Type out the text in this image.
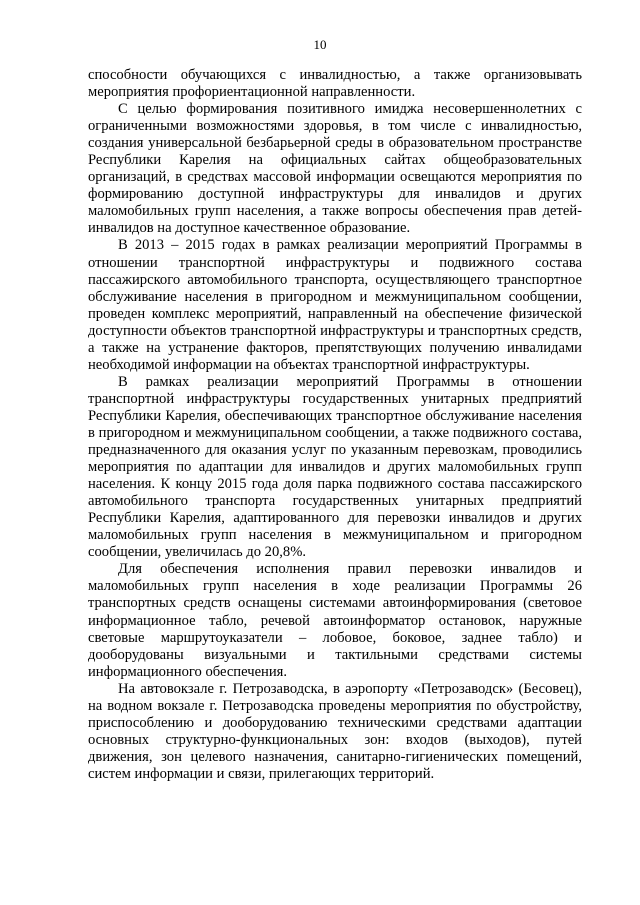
10

способности обучающихся с инвалидностью, а также организовывать мероприятия профориентационной направленности.

С целью формирования позитивного имиджа несовершеннолетних с ограниченными возможностями здоровья, в том числе с инвалидностью, создания универсальной безбарьерной среды в образовательном пространстве Республики Карелия на официальных сайтах общеобразовательных организаций, в средствах массовой информации освещаются мероприятия по формированию доступной инфраструктуры для инвалидов и других маломобильных групп населения, а также вопросы обеспечения прав детей-инвалидов на доступное качественное образование.

В 2013 – 2015 годах в рамках реализации мероприятий Программы в отношении транспортной инфраструктуры и подвижного состава пассажирского автомобильного транспорта, осуществляющего транспортное обслуживание населения в пригородном и межмуниципальном сообщении, проведен комплекс мероприятий, направленный на обеспечение физической доступности объектов транспортной инфраструктуры и транспортных средств, а также на устранение факторов, препятствующих получению инвалидами необходимой информации на объектах транспортной инфраструктуры.

В рамках реализации мероприятий Программы в отношении транспортной инфраструктуры государственных унитарных предприятий Республики Карелия, обеспечивающих транспортное обслуживание населения в пригородном и межмуниципальном сообщении, а также подвижного состава, предназначенного для оказания услуг по указанным перевозкам, проводились мероприятия по адаптации для инвалидов и других маломобильных групп населения. К концу 2015 года доля парка подвижного состава пассажирского автомобильного транспорта государственных унитарных предприятий Республики Карелия, адаптированного для перевозки инвалидов и других маломобильных групп населения в межмуниципальном и пригородном сообщении, увеличилась до 20,8%.

Для обеспечения исполнения правил перевозки инвалидов и маломобильных групп населения в ходе реализации Программы 26 транспортных средств оснащены системами автоинформирования (световое информационное табло, речевой автоинформатор остановок, наружные световые маршрутоуказатели – лобовое, боковое, заднее табло) и дооборудованы визуальными и тактильными средствами системы информационного обеспечения.

На автовокзале г. Петрозаводска, в аэропорту «Петрозаводск» (Бесовец), на водном вокзале г. Петрозаводска проведены мероприятия по обустройству, приспособлению и дооборудованию техническими средствами адаптации основных структурно-функциональных зон: входов (выходов), путей движения, зон целевого назначения, санитарно-гигиенических помещений, систем информации и связи, прилегающих территорий.
